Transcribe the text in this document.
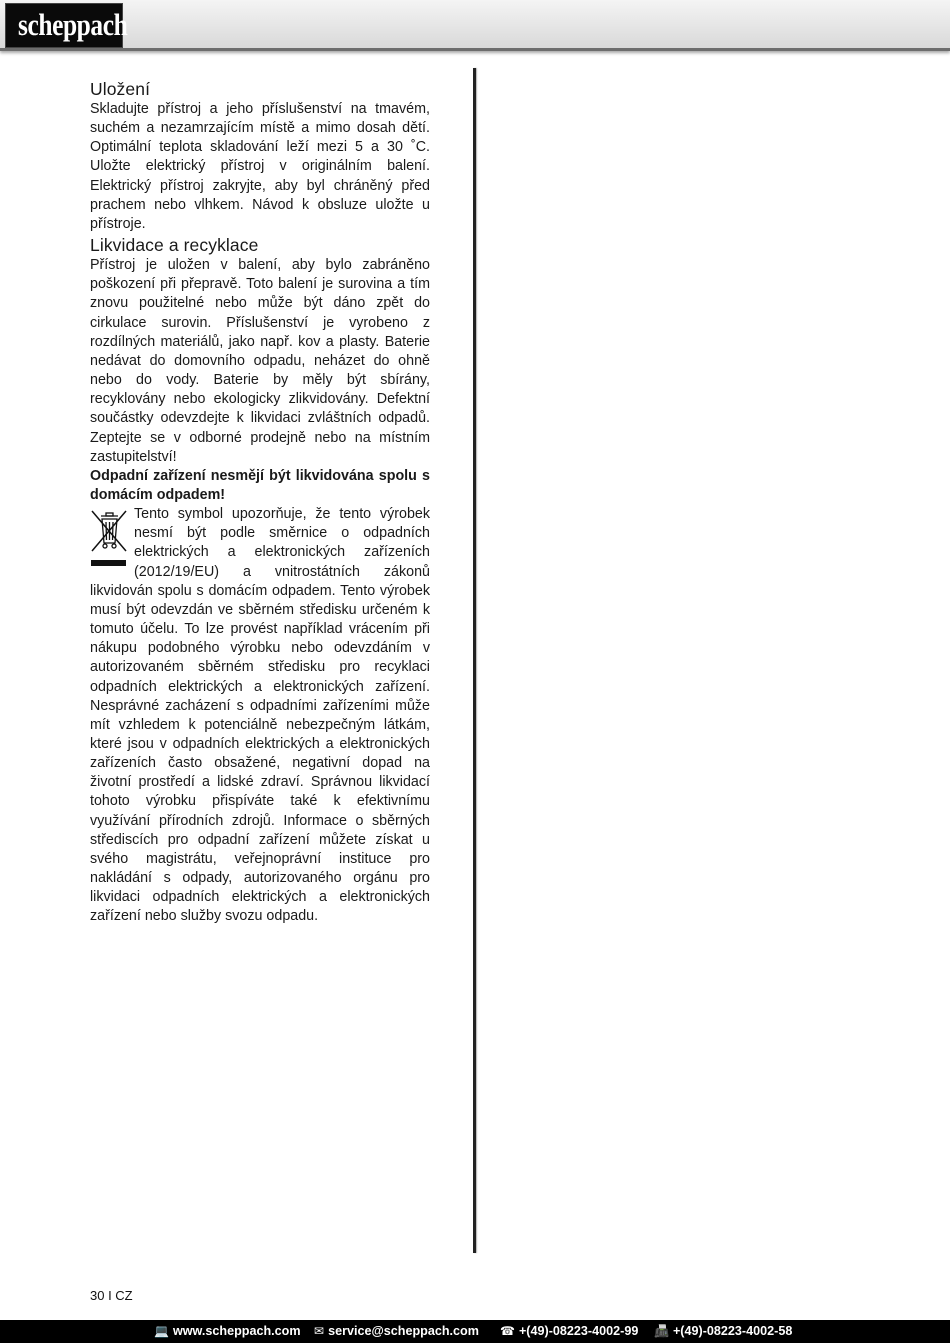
scheppach
Uložení

Skladujte přístroj a jeho příslušenství na tmavém, suchém a nezamrzajícím místě a mimo dosah dětí. Optimální teplota skladování leží mezi 5 a 30 ˚C. Uložte elektrický přístroj v originálním balení. Elektrický přístroj zakryjte, aby byl chráněný před prachem nebo vlhkem. Návod k obsluze uložte u přístroje.

Likvidace a recyklace

Přístroj je uložen v balení, aby bylo zabráněno poškození při přepravě. Toto balení je surovina a tím znovu použitelné nebo může být dáno zpět do cirkulace surovin. Příslušenství je vyrobeno z rozdílných materiálů, jako např. kov a plasty. Baterie nedávat do domovního odpadu, neházet do ohně nebo do vody. Baterie by měly být sbírány, recyklovány nebo ekologicky zlikvidovány. Defektní součástky odevzdejte k likvidaci zvláštních odpadů. Zeptejte se v odborné prodejně nebo na místním zastupitelství!

Odpadní zařízení nesmějí být likvidována spolu s domácím odpadem!

Tento symbol upozorňuje, že tento výrobek nesmí být podle směrnice o odpadních elektrických a elektronických zařízeních (2012/19/EU) a vnitrostátních zákonů likvidován spolu s domácím odpadem. Tento výrobek musí být odevzdán ve sběrném středisku určeném k tomuto účelu. To lze provést například vrácením při nákupu podobného výrobku nebo odevzdáním v autorizovaném sběrném středisku pro recyklaci odpadních elektrických a elektronických zařízení. Nesprávné zacházení s odpadními zařízeními může mít vzhledem k potenciálně nebezpečným látkám, které jsou v odpadních elektrických a elektronických zařízeních často obsažené, negativní dopad na životní prostředí a lidské zdraví. Správnou likvidací tohoto výrobku přispíváte také k efektivnímu využívání přírodních zdrojů. Informace o sběrných střediscích pro odpadní zařízení můžete získat u svého magistrátu, veřejnoprávní instituce pro nakládání s odpady, autorizovaného orgánu pro likvidaci odpadních elektrických a elektronických zařízení nebo služby svozu odpadu.

30 I CZ
💻 www.scheppach.com ✉ service@scheppach.com ☎ +(49)-08223-4002-99 📠 +(49)-08223-4002-58
